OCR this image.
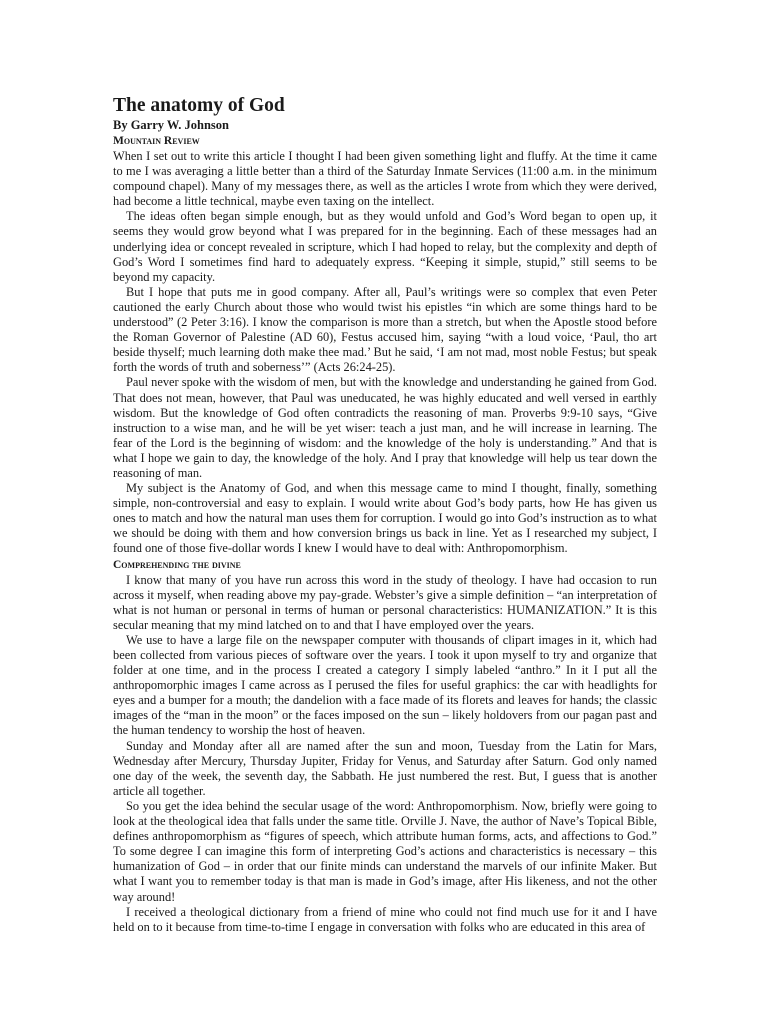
The anatomy of God
By Garry W. Johnson
Mountain Review

When I set out to write this article I thought I had been given something light and fluffy. At the time it came to me I was averaging a little better than a third of the Saturday Inmate Services (11:00 a.m. in the minimum compound chapel). Many of my messages there, as well as the articles I wrote from which they were derived, had become a little technical, maybe even taxing on the intellect.

The ideas often began simple enough, but as they would unfold and God’s Word began to open up, it seems they would grow beyond what I was prepared for in the beginning. Each of these messages had an underlying idea or concept revealed in scripture, which I had hoped to relay, but the complexity and depth of God’s Word I sometimes find hard to adequately express. “Keeping it simple, stupid,” still seems to be beyond my capacity.

But I hope that puts me in good company. After all, Paul’s writings were so complex that even Peter cautioned the early Church about those who would twist his epistles “in which are some things hard to be understood” (2 Peter 3:16). I know the comparison is more than a stretch, but when the Apostle stood before the Roman Governor of Palestine (AD 60), Festus accused him, saying “with a loud voice, ‘Paul, tho art beside thyself; much learning doth make thee mad.’ But he said, ‘I am not mad, most noble Festus; but speak forth the words of truth and soberness’” (Acts 26:24-25).

Paul never spoke with the wisdom of men, but with the knowledge and understanding he gained from God. That does not mean, however, that Paul was uneducated, he was highly educated and well versed in earthly wisdom. But the knowledge of God often contradicts the reasoning of man. Proverbs 9:9-10 says, “Give instruction to a wise man, and he will be yet wiser: teach a just man, and he will increase in learning. The fear of the Lord is the beginning of wisdom: and the knowledge of the holy is understanding.” And that is what I hope we gain to day, the knowledge of the holy. And I pray that knowledge will help us tear down the reasoning of man.

My subject is the Anatomy of God, and when this message came to mind I thought, finally, something simple, non-controversial and easy to explain. I would write about God’s body parts, how He has given us ones to match and how the natural man uses them for corruption. I would go into God’s instruction as to what we should be doing with them and how conversion brings us back in line. Yet as I researched my subject, I found one of those five-dollar words I knew I would have to deal with: Anthropomorphism.

Comprehending the divine

I know that many of you have run across this word in the study of theology. I have had occasion to run across it myself, when reading above my pay-grade. Webster’s give a simple definition – “an interpretation of what is not human or personal in terms of human or personal characteristics: HUMANIZATION.” It is this secular meaning that my mind latched on to and that I have employed over the years.

We use to have a large file on the newspaper computer with thousands of clipart images in it, which had been collected from various pieces of software over the years. I took it upon myself to try and organize that folder at one time, and in the process I created a category I simply labeled “anthro.” In it I put all the anthropomorphic images I came across as I perused the files for useful graphics: the car with headlights for eyes and a bumper for a mouth; the dandelion with a face made of its florets and leaves for hands; the classic images of the “man in the moon” or the faces imposed on the sun – likely holdovers from our pagan past and the human tendency to worship the host of heaven.

Sunday and Monday after all are named after the sun and moon, Tuesday from the Latin for Mars, Wednesday after Mercury, Thursday Jupiter, Friday for Venus, and Saturday after Saturn. God only named one day of the week, the seventh day, the Sabbath. He just numbered the rest. But, I guess that is another article all together.

So you get the idea behind the secular usage of the word: Anthropomorphism. Now, briefly were going to look at the theological idea that falls under the same title. Orville J. Nave, the author of Nave’s Topical Bible, defines anthropomorphism as “figures of speech, which attribute human forms, acts, and affections to God.” To some degree I can imagine this form of interpreting God’s actions and characteristics is necessary – this humanization of God – in order that our finite minds can understand the marvels of our infinite Maker. But what I want you to remember today is that man is made in God’s image, after His likeness, and not the other way around!

I received a theological dictionary from a friend of mine who could not find much use for it and I have held on to it because from time-to-time I engage in conversation with folks who are educated in this area of
